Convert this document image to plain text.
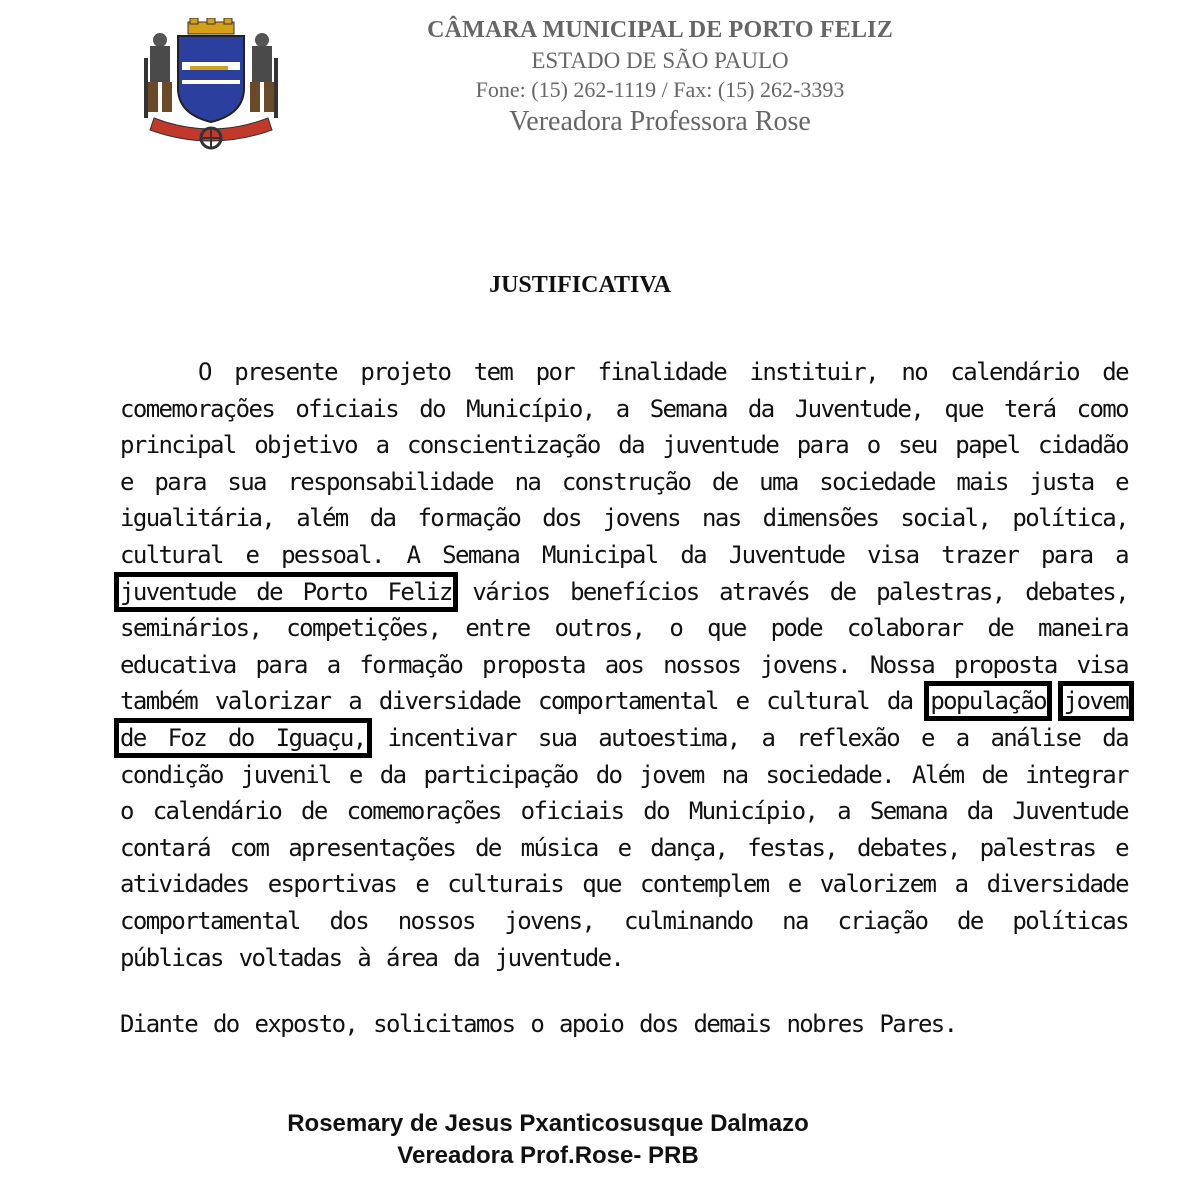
CÂMARA MUNICIPAL DE PORTO FELIZ
ESTADO DE SÃO PAULO
Fone: (15) 262-1119 / Fax: (15) 262-3393
Vereadora Professora Rose
JUSTIFICATIVA

O presente projeto tem por finalidade instituir, no calendário de comemorações oficiais do Município, a Semana da Juventude, que terá como principal objetivo a conscientização da juventude para o seu papel cidadão e para sua responsabilidade na construção de uma sociedade mais justa e igualitária, além da formação dos jovens nas dimensões social, política, cultural e pessoal. A Semana Municipal da Juventude visa trazer para a juventude de Porto Feliz vários benefícios através de palestras, debates, seminários, competições, entre outros, o que pode colaborar de maneira educativa para a formação proposta aos nossos jovens. Nossa proposta visa também valorizar a diversidade comportamental e cultural da população jovem de Foz do Iguaçu, incentivar sua autoestima, a reflexão e a análise da condição juvenil e da participação do jovem na sociedade. Além de integrar o calendário de comemorações oficiais do Município, a Semana da Juventude contará com apresentações de música e dança, festas, debates, palestras e atividades esportivas e culturais que contemplem e valorizem a diversidade comportamental dos nossos jovens, culminando na criação de políticas públicas voltadas à área da juventude.

Diante do exposto, solicitamos o apoio dos demais nobres Pares.

Rosemary de Jesus Pxanticosusque Dalmazo
Vereadora Prof.Rose- PRB
